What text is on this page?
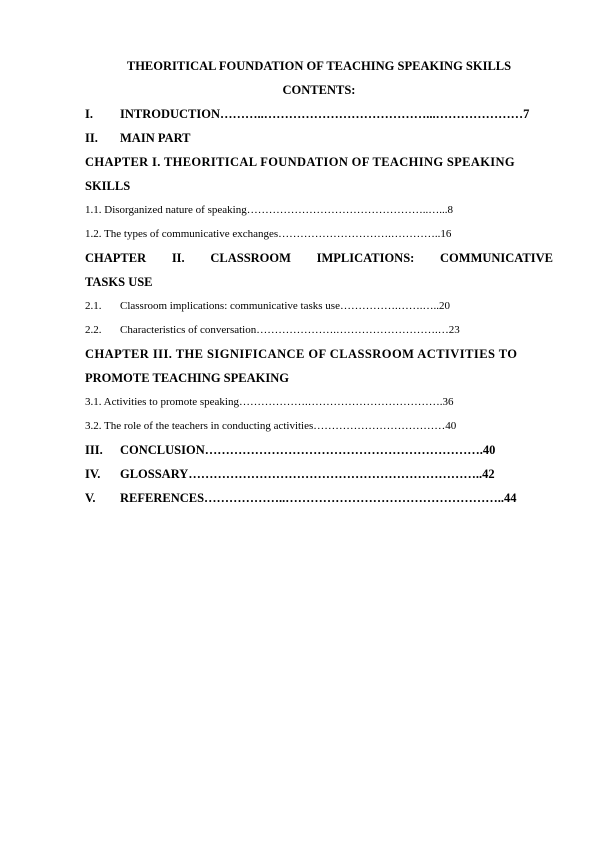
THEORITICAL FOUNDATION OF TEACHING SPEAKING SKILLS
CONTENTS:
I. INTRODUCTION………..…………………………………...…………………7
II. MAIN PART
CHAPTER I. THEORITICAL FOUNDATION OF TEACHING SPEAKING
SKILLS
1.1. Disorganized nature of speaking…………………………………………..…...8
1.2. The types of communicative exchanges………………………….…………..16
CHAPTER II. CLASSROOM IMPLICATIONS: COMMUNICATIVE
TASKS USE
2.1. Classroom implications: communicative tasks use…………….…….…..20
2.2. Characteristics of conversation………………….……………………….…23
CHAPTER III. THE SIGNIFICANCE OF CLASSROOM ACTIVITIES TO
PROMOTE TEACHING SPEAKING
3.1. Activities to promote speaking……………….……………………………….36
3.2. The role of the teachers in conducting activities………………………………40
III. CONCLUSION………………………………………………………….40
IV. GLOSSARY……………………………………………………………..42
V. REFERENCES………………..……………………………………………..44
